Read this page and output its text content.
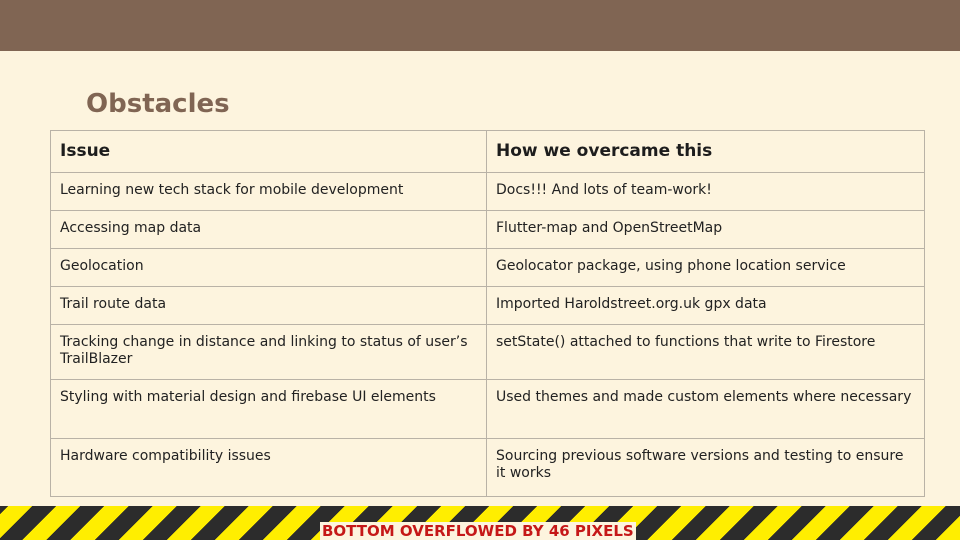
Obstacles
Issue	How we overcame this
Learning new tech stack for mobile development	Docs!!! And lots of team-work!
Accessing map data	Flutter-map and OpenStreetMap
Geolocation	Geolocator package, using phone location service
Trail route data	Imported Haroldstreet.org.uk gpx data
Tracking change in distance and linking to status of user’s TrailBlazer	setState() attached to functions that write to Firestore
Styling with material design and firebase UI elements	Used themes and made custom elements where necessary
Hardware compatibility issues	Sourcing previous software versions and testing to ensure it works
BOTTOM OVERFLOWED BY 46 PIXELS
